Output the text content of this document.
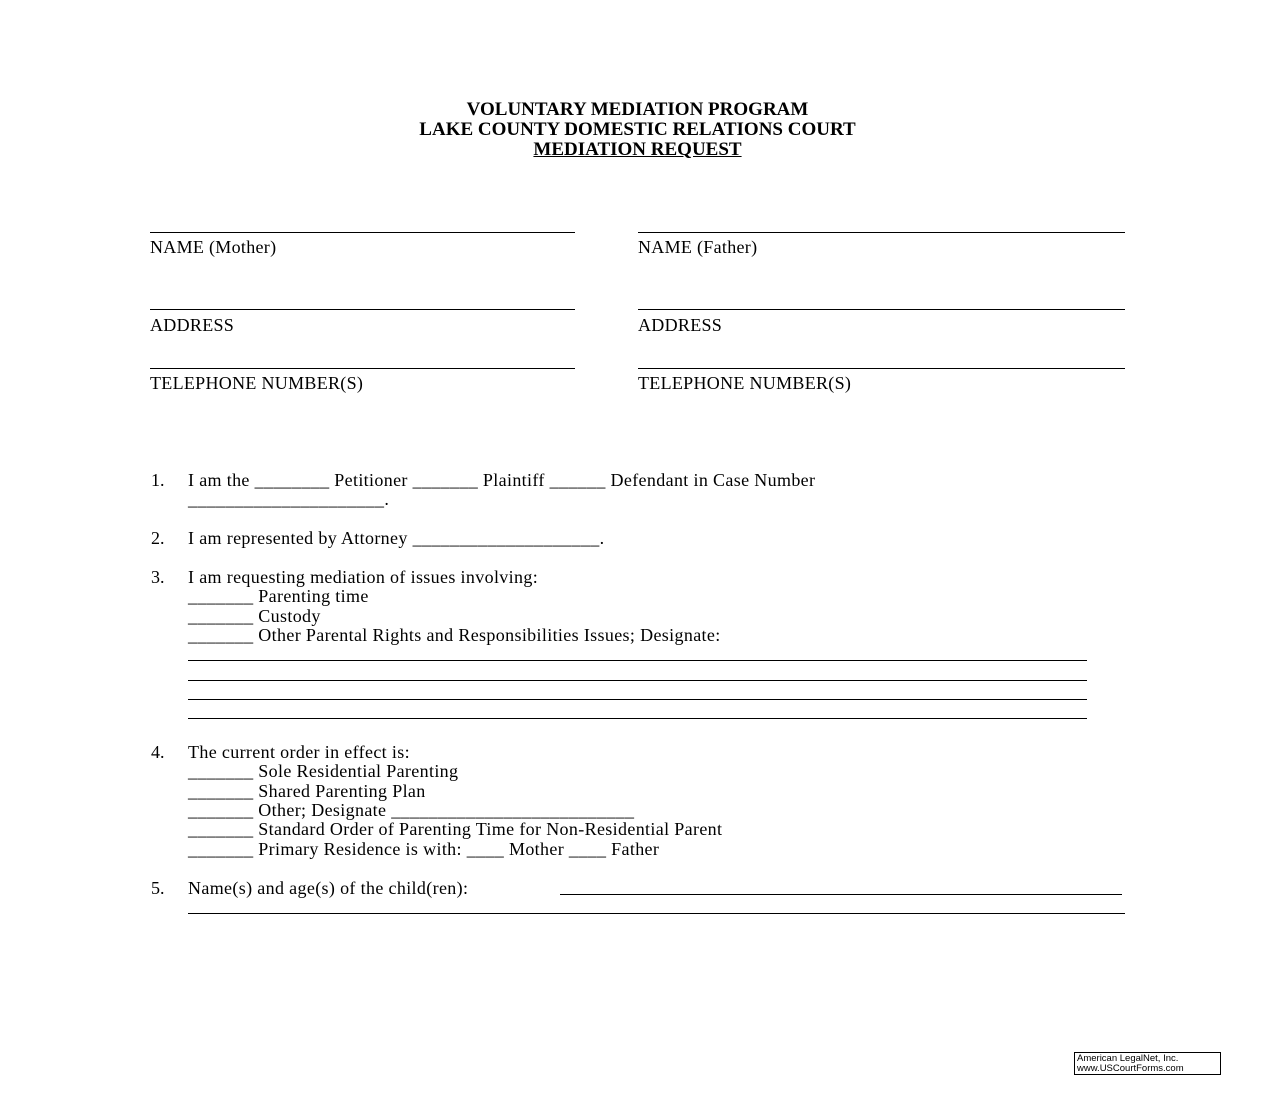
VOLUNTARY MEDIATION PROGRAM
LAKE COUNTY DOMESTIC RELATIONS COURT
MEDIATION REQUEST
NAME (Mother)	NAME (Father)
ADDRESS	ADDRESS
TELEPHONE NUMBER(S)	TELEPHONE NUMBER(S)
1. I am the ________ Petitioner _______ Plaintiff ______ Defendant in Case Number
_____________________.
2. I am represented by Attorney ____________________.
3. I am requesting mediation of issues involving:
_______ Parenting time
_______ Custody
_______ Other Parental Rights and Responsibilities Issues; Designate:
4. The current order in effect is:
_______ Sole Residential Parenting
_______ Shared Parenting Plan
_______ Other; Designate __________________________
_______ Standard Order of Parenting Time for Non-Residential Parent
_______ Primary Residence is with: ____ Mother ____ Father
5. Name(s) and age(s) of the child(ren):
American LegalNet, Inc.
www.USCourtForms.com
